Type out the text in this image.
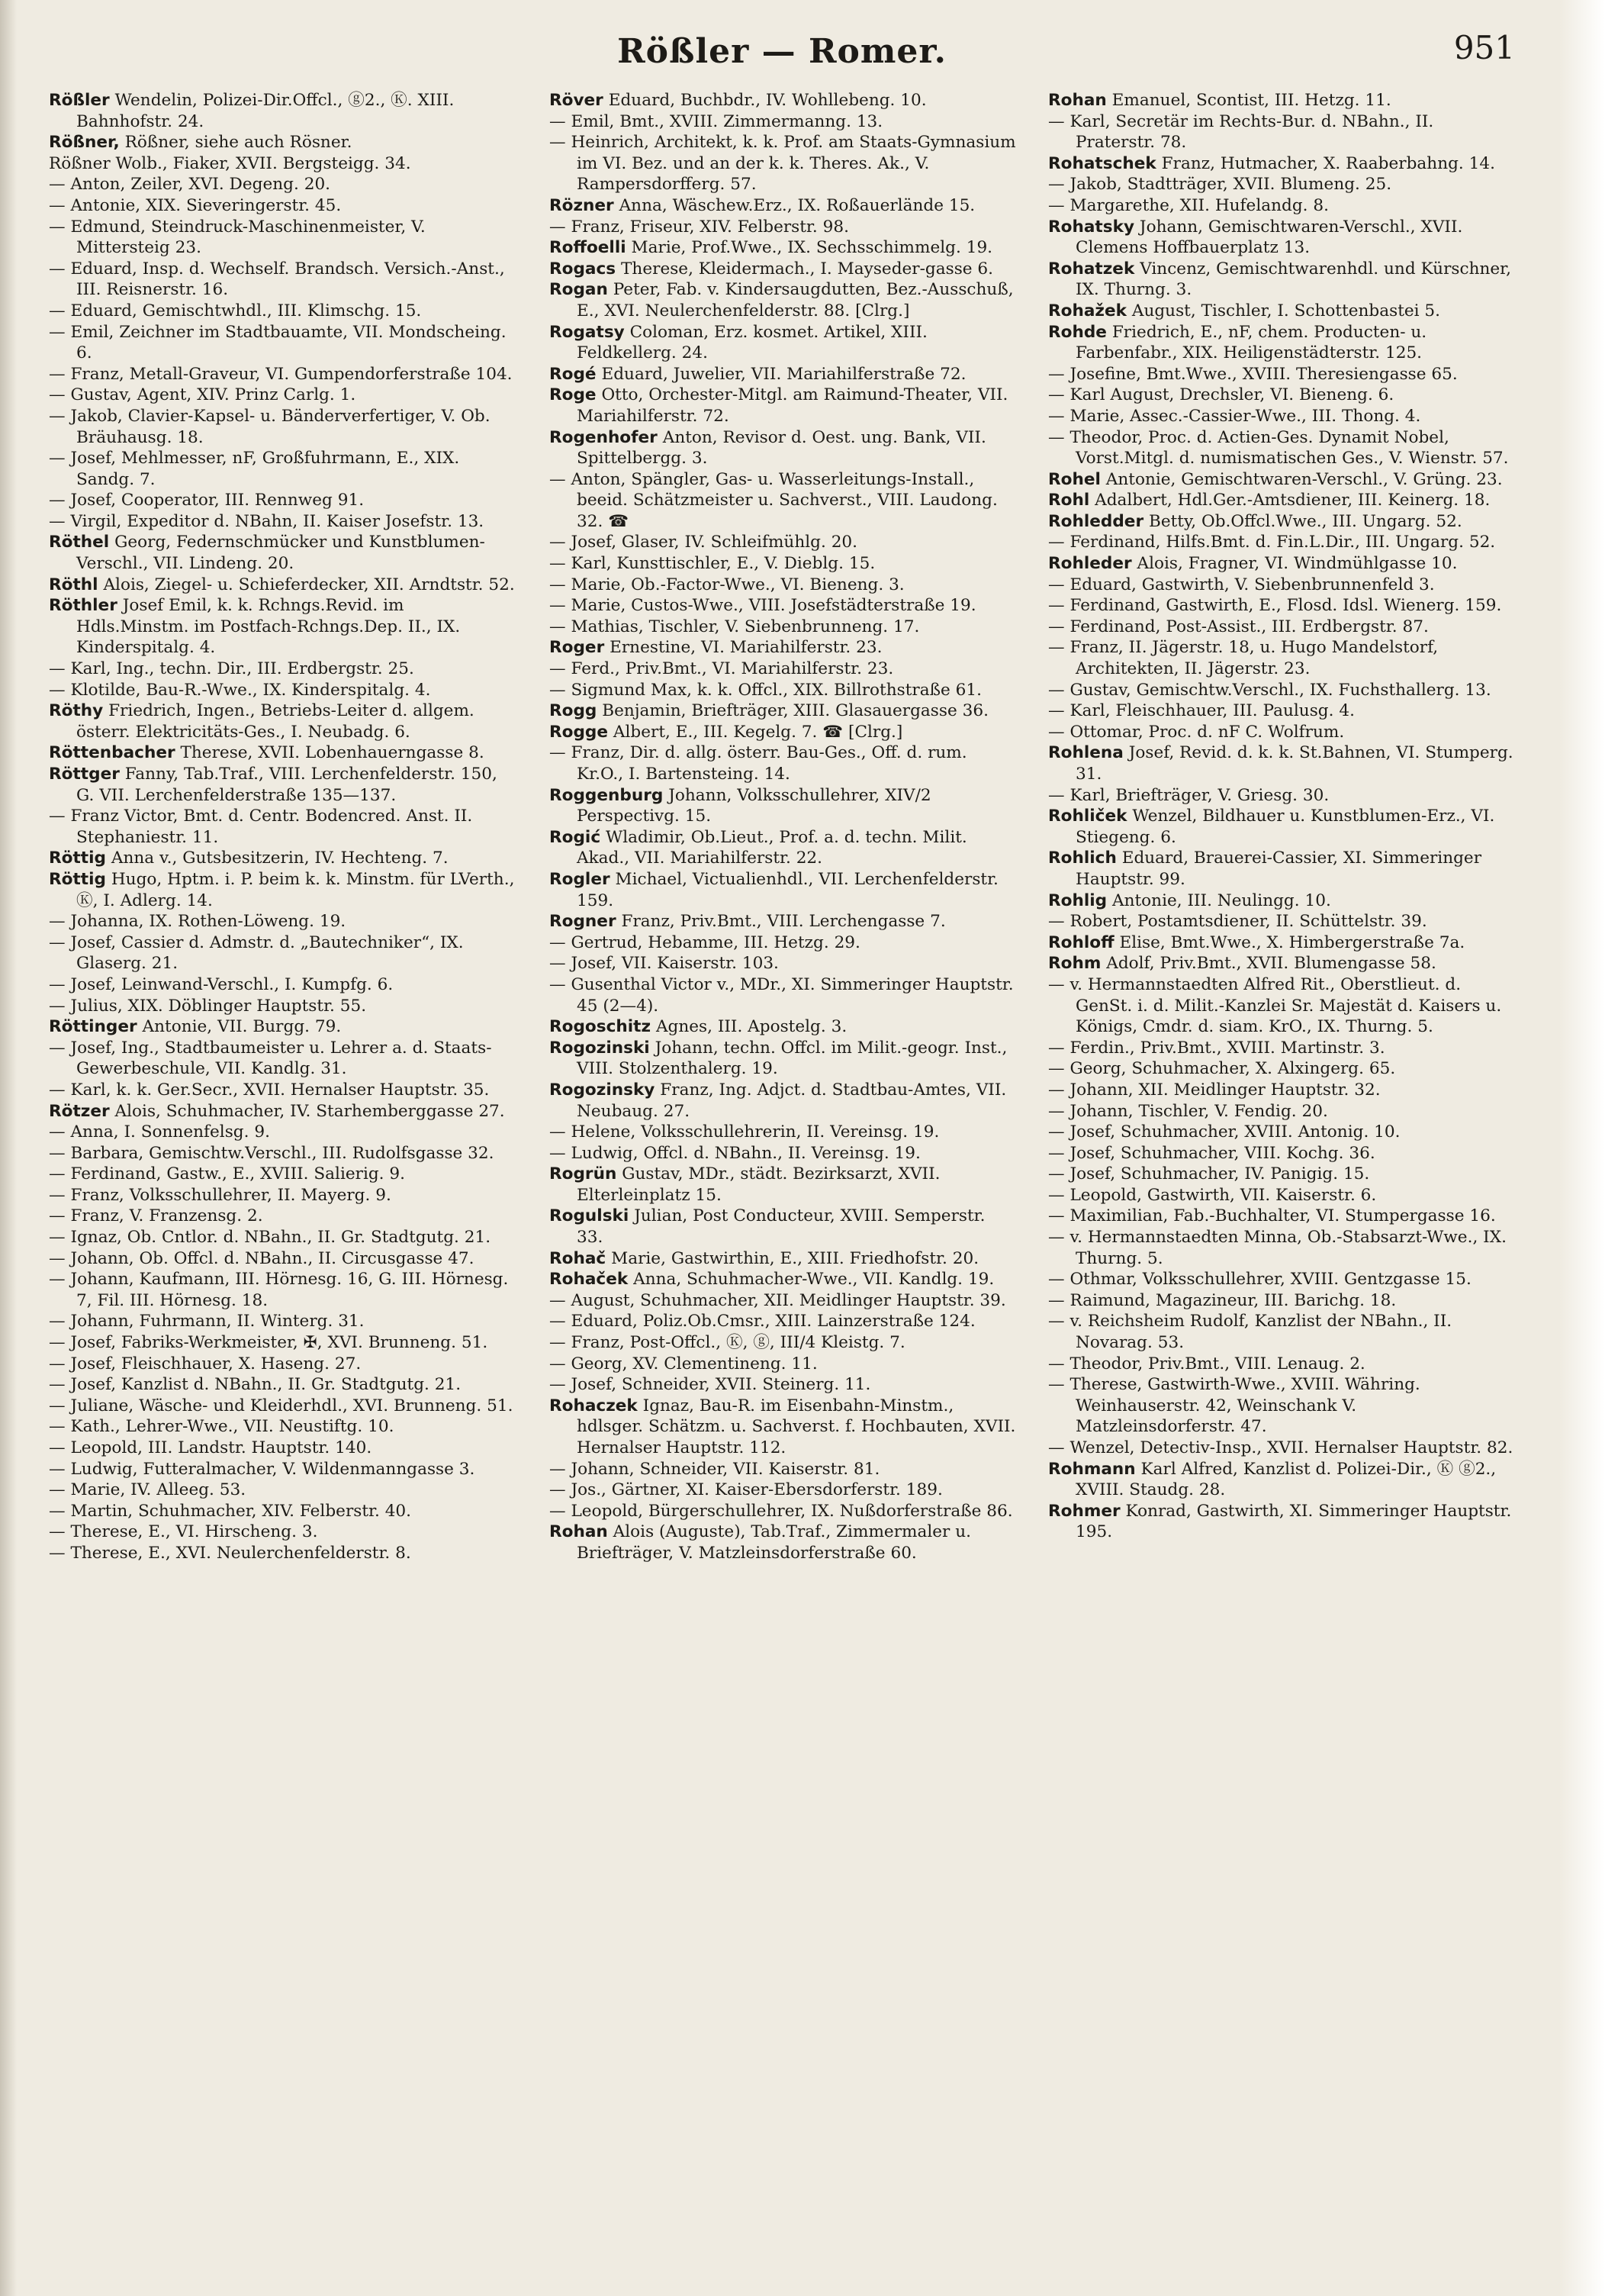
Rößler — Romer.	951

Rößler Wendelin, Polizei-Dir.Offcl., ⓖ2., Ⓚ. XIII. Bahnhofstr. 24.

Rößner, Rößner, siehe auch Rösner.

Rößner Wolb., Fiaker, XVII. Bergsteigg. 34.

— Anton, Zeiler, XVI. Degeng. 20.

— Antonie, XIX. Sieveringerstr. 45.

— Edmund, Steindruck-Maschinenmeister, V. Mittersteig 23.

— Eduard, Insp. d. Wechself. Brandsch. Versich.-Anst., III. Reisnerstr. 16.

— Eduard, Gemischtwhdl., III. Klimschg. 15.

— Emil, Zeichner im Stadtbauamte, VII. Mondscheing. 6.

— Franz, Metall-Graveur, VI. Gumpendorferstraße 104.

— Gustav, Agent, XIV. Prinz Carlg. 1.

— Jakob, Clavier-Kapsel- u. Bänderverfertiger, V. Ob. Bräuhausg. 18.

— Josef, Mehlmesser, nF, Großfuhrmann, E., XIX. Sandg. 7.

— Josef, Cooperator, III. Rennweg 91.

— Virgil, Expeditor d. NBahn, II. Kaiser Josefstr. 13.

Röthel Georg, Federnschmücker und Kunstblumen-Verschl., VII. Lindeng. 20.

Röthl Alois, Ziegel- u. Schieferdecker, XII. Arndtstr. 52.

Röthler Josef Emil, k. k. Rchngs.Revid. im Hdls.Minstm. im Postfach-Rchngs.Dep. II., IX. Kinderspitalg. 4.

— Karl, Ing., techn. Dir., III. Erdbergstr. 25.

— Klotilde, Bau-R.-Wwe., IX. Kinderspitalg. 4.

Röthy Friedrich, Ingen., Betriebs-Leiter d. allgem. österr. Elektricitäts-Ges., I. Neubadg. 6.

Röttenbacher Therese, XVII. Lobenhauerngasse 8.

Röttger Fanny, Tab.Traf., VIII. Lerchenfelderstr. 150, G. VII. Lerchenfelderstraße 135—137.

— Franz Victor, Bmt. d. Centr. Bodencred. Anst. II. Stephaniestr. 11.

Röttig Anna v., Gutsbesitzerin, IV. Hechteng. 7.

Röttig Hugo, Hptm. i. P. beim k. k. Minstm. für LVerth., Ⓚ, I. Adlerg. 14.

— Johanna, IX. Rothen-Löweng. 19.

— Josef, Cassier d. Admstr. d. „Bautechniker“, IX. Glaserg. 21.

— Josef, Leinwand-Verschl., I. Kumpfg. 6.

— Julius, XIX. Döblinger Hauptstr. 55.

Röttinger Antonie, VII. Burgg. 79.

— Josef, Ing., Stadtbaumeister u. Lehrer a. d. Staats-Gewerbeschule, VII. Kandlg. 31.

— Karl, k. k. Ger.Secr., XVII. Hernalser Hauptstr. 35.

Rötzer Alois, Schuhmacher, IV. Starhemberggasse 27.

— Anna, I. Sonnenfelsg. 9.

— Barbara, Gemischtw.Verschl., III. Rudolfsgasse 32.

— Ferdinand, Gastw., E., XVIII. Salierig. 9.

— Franz, Volksschullehrer, II. Mayerg. 9.

— Franz, V. Franzensg. 2.

— Ignaz, Ob. Cntlor. d. NBahn., II. Gr. Stadtgutg. 21.

— Johann, Ob. Offcl. d. NBahn., II. Circusgasse 47.

— Johann, Kaufmann, III. Hörnesg. 16, G. III. Hörnesg. 7, Fil. III. Hörnesg. 18.

— Johann, Fuhrmann, II. Winterg. 31.

— Josef, Fabriks-Werkmeister, ✠, XVI. Brunneng. 51.

— Josef, Fleischhauer, X. Haseng. 27.

— Josef, Kanzlist d. NBahn., II. Gr. Stadtgutg. 21.

— Juliane, Wäsche- und Kleiderhdl., XVI. Brunneng. 51.

— Kath., Lehrer-Wwe., VII. Neustiftg. 10.

— Leopold, III. Landstr. Hauptstr. 140.

— Ludwig, Futteralmacher, V. Wildenmanngasse 3.

— Marie, IV. Alleeg. 53.

— Martin, Schuhmacher, XIV. Felberstr. 40.

— Therese, E., VI. Hirscheng. 3.

— Therese, E., XVI. Neulerchenfelderstr. 8.

Röver Eduard, Buchbdr., IV. Wohllebeng. 10.

— Emil, Bmt., XVIII. Zimmermanng. 13.

— Heinrich, Architekt, k. k. Prof. am Staats-Gymnasium im VI. Bez. und an der k. k. Theres. Ak., V. Rampersdorfferg. 57.

Rözner Anna, Wäschew.Erz., IX. Roßauerlände 15.

— Franz, Friseur, XIV. Felberstr. 98.

Roffoelli Marie, Prof.Wwe., IX. Sechsschimmelg. 19.

Rogacs Therese, Kleidermach., I. Mayseder-gasse 6.

Rogan Peter, Fab. v. Kindersaugdutten, Bez.-Ausschuß, E., XVI. Neulerchenfelderstr. 88. [Clrg.]

Rogatsy Coloman, Erz. kosmet. Artikel, XIII. Feldkellerg. 24.

Rogé Eduard, Juwelier, VII. Mariahilferstraße 72.

Roge Otto, Orchester-Mitgl. am Raimund-Theater, VII. Mariahilferstr. 72.

Rogenhofer Anton, Revisor d. Oest. ung. Bank, VII. Spittelbergg. 3.

— Anton, Spängler, Gas- u. Wasserleitungs-Install., beeid. Schätzmeister u. Sachverst., VIII. Laudong. 32. ☎

— Josef, Glaser, IV. Schleifmühlg. 20.

— Karl, Kunsttischler, E., V. Dieblg. 15.

— Marie, Ob.-Factor-Wwe., VI. Bieneng. 3.

— Marie, Custos-Wwe., VIII. Josefstädterstraße 19.

— Mathias, Tischler, V. Siebenbrunneng. 17.

Roger Ernestine, VI. Mariahilferstr. 23.

— Ferd., Priv.Bmt., VI. Mariahilferstr. 23.

— Sigmund Max, k. k. Offcl., XIX. Billrothstraße 61.

Rogg Benjamin, Briefträger, XIII. Glasauergasse 36.

Rogge Albert, E., III. Kegelg. 7. ☎ [Clrg.]

— Franz, Dir. d. allg. österr. Bau-Ges., Off. d. rum. Kr.O., I. Bartensteing. 14.

Roggenburg Johann, Volksschullehrer, XIV/2 Perspectivg. 15.

Rogić Wladimir, Ob.Lieut., Prof. a. d. techn. Milit. Akad., VII. Mariahilferstr. 22.

Rogler Michael, Victualienhdl., VII. Lerchenfelderstr. 159.

Rogner Franz, Priv.Bmt., VIII. Lerchengasse 7.

— Gertrud, Hebamme, III. Hetzg. 29.

— Josef, VII. Kaiserstr. 103.

— Gusenthal Victor v., MDr., XI. Simmeringer Hauptstr. 45 (2—4).

Rogoschitz Agnes, III. Apostelg. 3.

Rogozinski Johann, techn. Offcl. im Milit.-geogr. Inst., VIII. Stolzenthalerg. 19.

Rogozinsky Franz, Ing. Adjct. d. Stadtbau-Amtes, VII. Neubaug. 27.

— Helene, Volksschullehrerin, II. Vereinsg. 19.

— Ludwig, Offcl. d. NBahn., II. Vereinsg. 19.

Rogrün Gustav, MDr., städt. Bezirksarzt, XVII. Elterleinplatz 15.

Rogulski Julian, Post Conducteur, XVIII. Semperstr. 33.

Rohač Marie, Gastwirthin, E., XIII. Friedhofstr. 20.

Rohaček Anna, Schuhmacher-Wwe., VII. Kandlg. 19.

— August, Schuhmacher, XII. Meidlinger Hauptstr. 39.

— Eduard, Poliz.Ob.Cmsr., XIII. Lainzerstraße 124.

— Franz, Post-Offcl., Ⓚ, ⓖ, III/4 Kleistg. 7.

— Georg, XV. Clementineng. 11.

— Josef, Schneider, XVII. Steinerg. 11.

Rohaczek Ignaz, Bau-R. im Eisenbahn-Minstm., hdlsger. Schätzm. u. Sachverst. f. Hochbauten, XVII. Hernalser Hauptstr. 112.

— Johann, Schneider, VII. Kaiserstr. 81.

— Jos., Gärtner, XI. Kaiser-Ebersdorferstr. 189.

— Leopold, Bürgerschullehrer, IX. Nußdorferstraße 86.

Rohan Alois (Auguste), Tab.Traf., Zimmermaler u. Briefträger, V. Matzleinsdorferstraße 60.

Rohan Emanuel, Scontist, III. Hetzg. 11.

— Karl, Secretär im Rechts-Bur. d. NBahn., II. Praterstr. 78.

Rohatschek Franz, Hutmacher, X. Raaberbahng. 14.

— Jakob, Stadtträger, XVII. Blumeng. 25.

— Margarethe, XII. Hufelandg. 8.

Rohatsky Johann, Gemischtwaren-Verschl., XVII. Clemens Hoffbauerplatz 13.

Rohatzek Vincenz, Gemischtwarenhdl. und Kürschner, IX. Thurng. 3.

Rohažek August, Tischler, I. Schottenbastei 5.

Rohde Friedrich, E., nF, chem. Producten- u. Farbenfabr., XIX. Heiligenstädterstr. 125.

— Josefine, Bmt.Wwe., XVIII. Theresiengasse 65.

— Karl August, Drechsler, VI. Bieneng. 6.

— Marie, Assec.-Cassier-Wwe., III. Thong. 4.

— Theodor, Proc. d. Actien-Ges. Dynamit Nobel, Vorst.Mitgl. d. numismatischen Ges., V. Wienstr. 57.

Rohel Antonie, Gemischtwaren-Verschl., V. Grüng. 23.

Rohl Adalbert, Hdl.Ger.-Amtsdiener, III. Keinerg. 18.

Rohledder Betty, Ob.Offcl.Wwe., III. Ungarg. 52.

— Ferdinand, Hilfs.Bmt. d. Fin.L.Dir., III. Ungarg. 52.

Rohleder Alois, Fragner, VI. Windmühlgasse 10.

— Eduard, Gastwirth, V. Siebenbrunnenfeld 3.

— Ferdinand, Gastwirth, E., Flosd. Idsl. Wienerg. 159.

— Ferdinand, Post-Assist., III. Erdbergstr. 87.

— Franz, II. Jägerstr. 18, u. Hugo Mandelstorf, Architekten, II. Jägerstr. 23.

— Gustav, Gemischtw.Verschl., IX. Fuchsthallerg. 13.

— Karl, Fleischhauer, III. Paulusg. 4.

— Ottomar, Proc. d. nF C. Wolfrum.

Rohlena Josef, Revid. d. k. k. St.Bahnen, VI. Stumperg. 31.

— Karl, Briefträger, V. Griesg. 30.

Rohliček Wenzel, Bildhauer u. Kunstblumen-Erz., VI. Stiegeng. 6.

Rohlich Eduard, Brauerei-Cassier, XI. Simmeringer Hauptstr. 99.

Rohlig Antonie, III. Neulingg. 10.

— Robert, Postamtsdiener, II. Schüttelstr. 39.

Rohloff Elise, Bmt.Wwe., X. Himbergerstraße 7a.

Rohm Adolf, Priv.Bmt., XVII. Blumengasse 58.

— v. Hermannstaedten Alfred Rit., Oberstlieut. d. GenSt. i. d. Milit.-Kanzlei Sr. Majestät d. Kaisers u. Königs, Cmdr. d. siam. KrO., IX. Thurng. 5.

— Ferdin., Priv.Bmt., XVIII. Martinstr. 3.

— Georg, Schuhmacher, X. Alxingerg. 65.

— Johann, XII. Meidlinger Hauptstr. 32.

— Johann, Tischler, V. Fendig. 20.

— Josef, Schuhmacher, XVIII. Antonig. 10.

— Josef, Schuhmacher, VIII. Kochg. 36.

— Josef, Schuhmacher, IV. Panigig. 15.

— Leopold, Gastwirth, VII. Kaiserstr. 6.

— Maximilian, Fab.-Buchhalter, VI. Stumpergasse 16.

— v. Hermannstaedten Minna, Ob.-Stabsarzt-Wwe., IX. Thurng. 5.

— Othmar, Volksschullehrer, XVIII. Gentzgasse 15.

— Raimund, Magazineur, III. Barichg. 18.

— v. Reichsheim Rudolf, Kanzlist der NBahn., II. Novarag. 53.

— Theodor, Priv.Bmt., VIII. Lenaug. 2.

— Therese, Gastwirth-Wwe., XVIII. Währing. Weinhauserstr. 42, Weinschank V. Matzleinsdorferstr. 47.

— Wenzel, Detectiv-Insp., XVII. Hernalser Hauptstr. 82.

Rohmann Karl Alfred, Kanzlist d. Polizei-Dir., Ⓚ ⓖ2., XVIII. Staudg. 28.

Rohmer Konrad, Gastwirth, XI. Simmeringer Hauptstr. 195.
